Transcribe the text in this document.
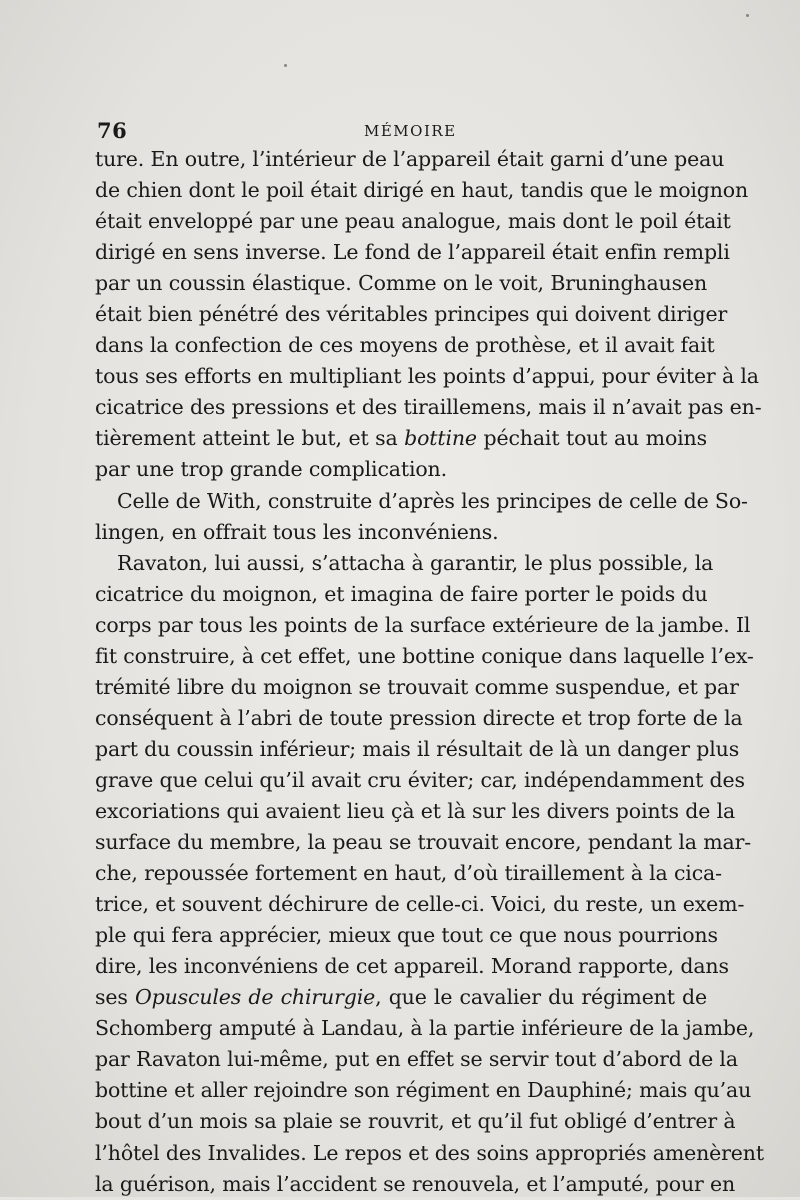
76	MÉMOIRE
ture. En outre, l’intérieur de l’appareil était garni d’une peau
de chien dont le poil était dirigé en haut, tandis que le moignon
était enveloppé par une peau analogue, mais dont le poil était
dirigé en sens inverse. Le fond de l’appareil était enfin rempli
par un coussin élastique. Comme on le voit, Bruninghausen
était bien pénétré des véritables principes qui doivent diriger
dans la confection de ces moyens de prothèse, et il avait fait
tous ses efforts en multipliant les points d’appui, pour éviter à la
cicatrice des pressions et des tiraillemens, mais il n’avait pas en-
tièrement atteint le but, et sa bottine péchait tout au moins
par une trop grande complication.
Celle de With, construite d’après les principes de celle de So-
lingen, en offrait tous les inconvéniens.
Ravaton, lui aussi, s’attacha à garantir, le plus possible, la
cicatrice du moignon, et imagina de faire porter le poids du
corps par tous les points de la surface extérieure de la jambe. Il
fit construire, à cet effet, une bottine conique dans laquelle l’ex-
trémité libre du moignon se trouvait comme suspendue, et par
conséquent à l’abri de toute pression directe et trop forte de la
part du coussin inférieur; mais il résultait de là un danger plus
grave que celui qu’il avait cru éviter; car, indépendamment des
excoriations qui avaient lieu çà et là sur les divers points de la
surface du membre, la peau se trouvait encore, pendant la mar-
che, repoussée fortement en haut, d’où tiraillement à la cica-
trice, et souvent déchirure de celle-ci. Voici, du reste, un exem-
ple qui fera apprécier, mieux que tout ce que nous pourrions
dire, les inconvéniens de cet appareil. Morand rapporte, dans
ses Opuscules de chirurgie, que le cavalier du régiment de
Schomberg amputé à Landau, à la partie inférieure de la jambe,
par Ravaton lui-même, put en effet se servir tout d’abord de la
bottine et aller rejoindre son régiment en Dauphiné; mais qu’au
bout d’un mois sa plaie se rouvrit, et qu’il fut obligé d’entrer à
l’hôtel des Invalides. Le repos et des soins appropriés amenèrent
la guérison, mais l’accident se renouvela, et l’amputé, pour en
